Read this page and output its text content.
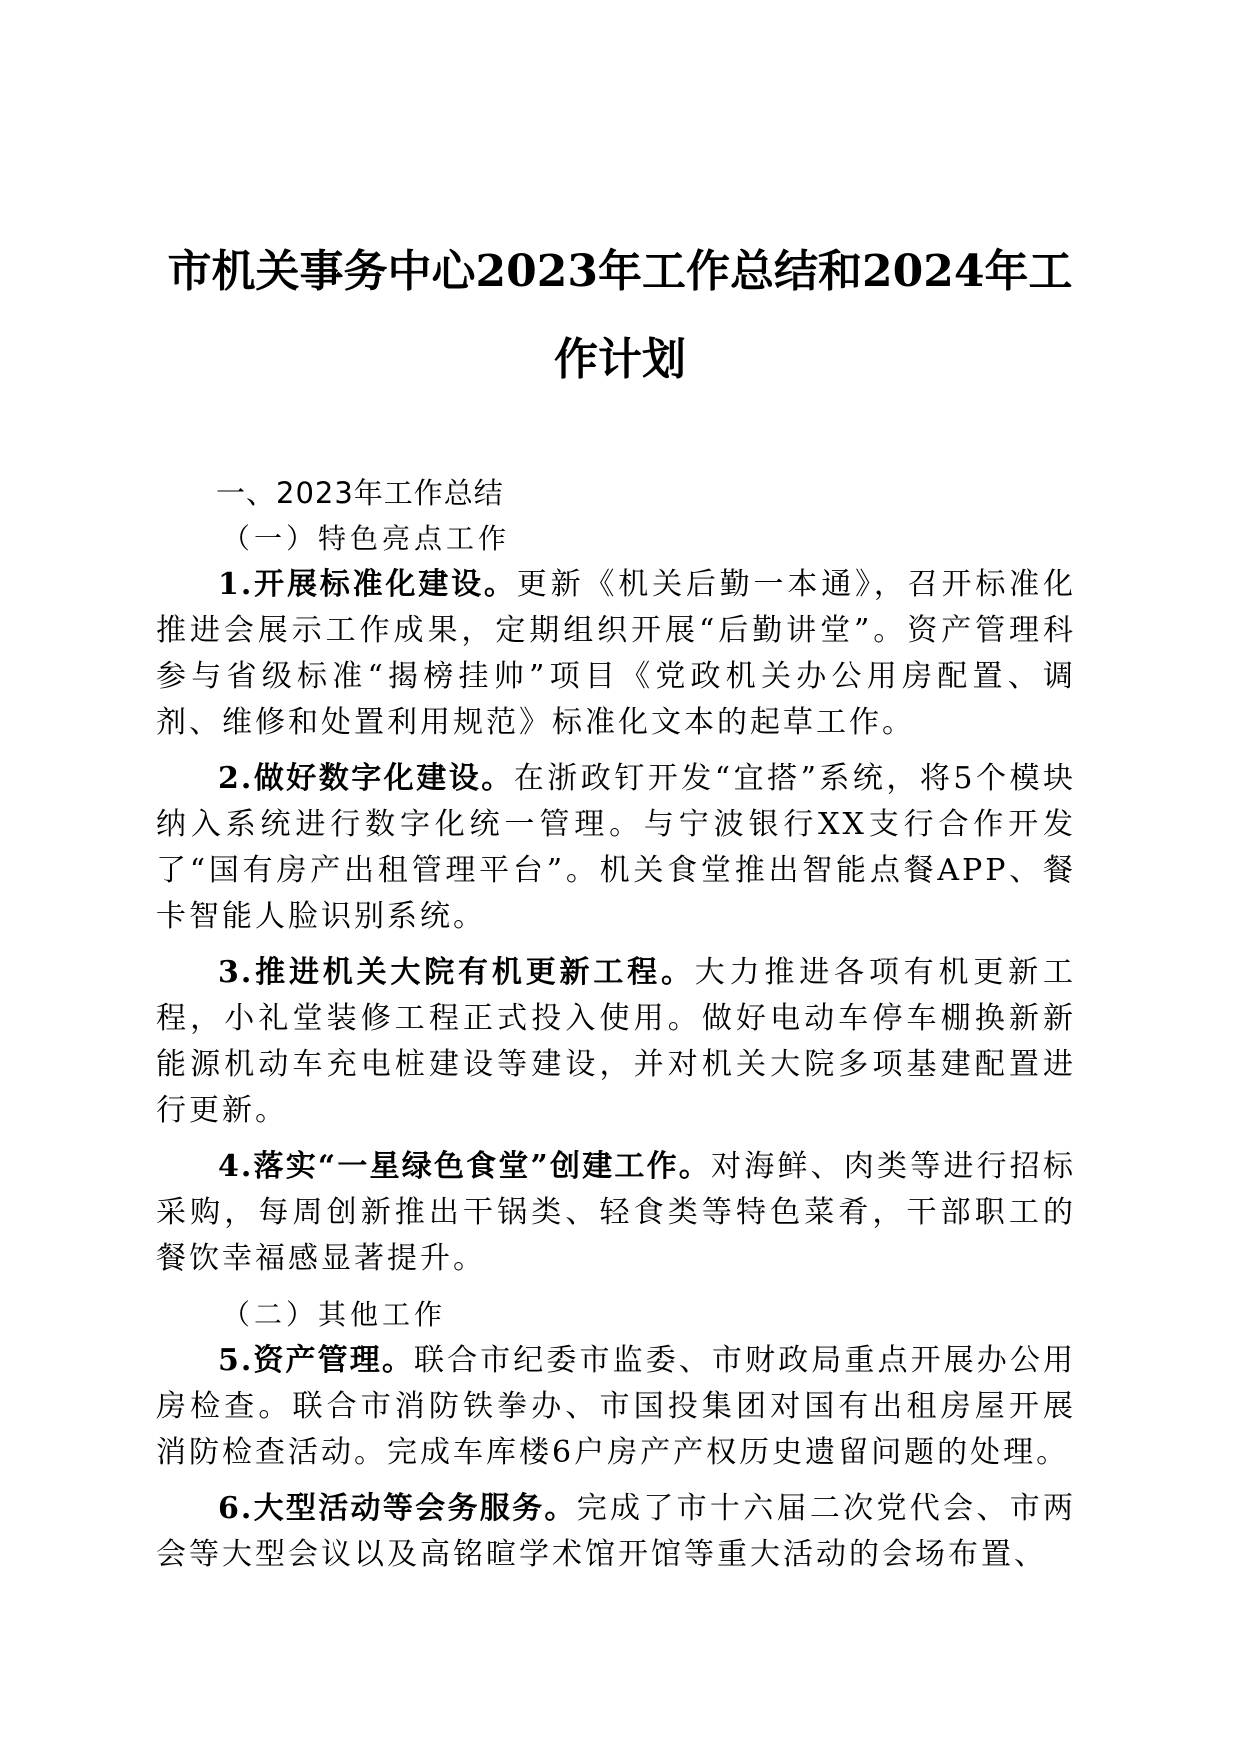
市机关事务中心2023年工作总结和2024年工作计划
一、2023年工作总结
（一）特色亮点工作

1.开展标准化建设。更新《机关后勤一本通》，召开标准化推进会展示工作成果，定期组织开展“后勤讲堂”。资产管理科参与省级标准“揭榜挂帅”项目《党政机关办公用房配置、调剂、维修和处置利用规范》标准化文本的起草工作。

2.做好数字化建设。在浙政钉开发“宜搭”系统，将5个模块纳入系统进行数字化统一管理。与宁波银行XX支行合作开发了“国有房产出租管理平台”。机关食堂推出智能点餐APP、餐卡智能人脸识别系统。

3.推进机关大院有机更新工程。大力推进各项有机更新工程，小礼堂装修工程正式投入使用。做好电动车停车棚换新新能源机动车充电桩建设等建设，并对机关大院多项基建配置进行更新。

4.落实“一星绿色食堂”创建工作。对海鲜、肉类等进行招标采购，每周创新推出干锅类、轻食类等特色菜肴，干部职工的餐饮幸福感显著提升。

（二）其他工作

5.资产管理。联合市纪委市监委、市财政局重点开展办公用房检查。联合市消防铁拳办、市国投集团对国有出租房屋开展消防检查活动。完成车库楼6户房产产权历史遗留问题的处理。

6.大型活动等会务服务。完成了市十六届二次党代会、市两会等大型会议以及高铭暄学术馆开馆等重大活动的会场布置、
